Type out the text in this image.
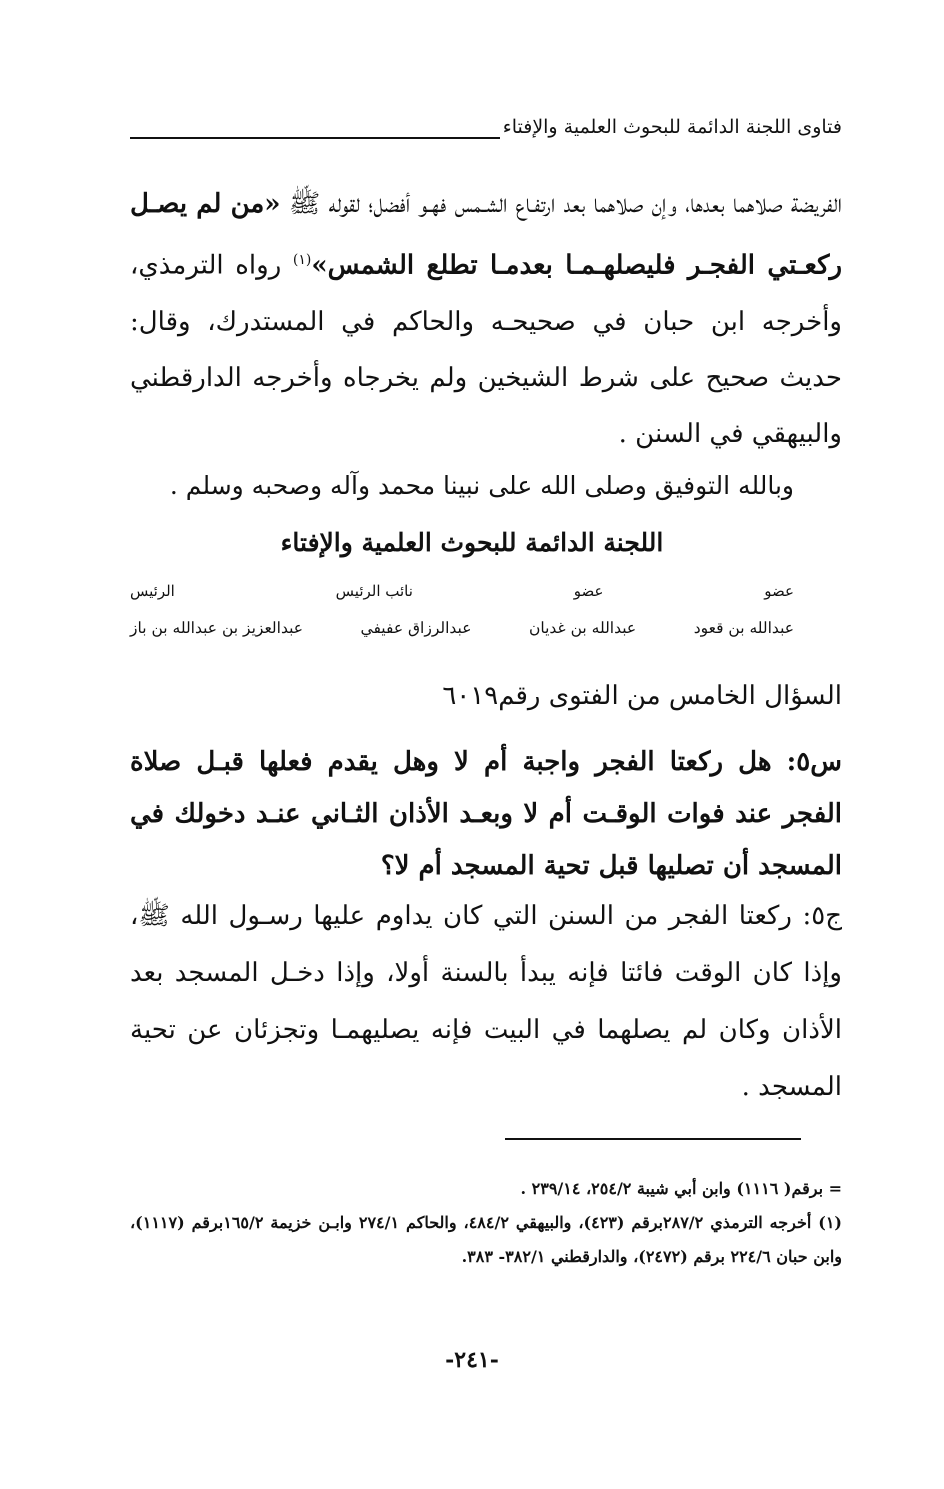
فتاوى اللجنة الدائمة للبحوث العلمية والإفتاء

الفريضة صلاهما بعدها، وإن صلاهما بعد ارتفـاع الشـمس فهـو أفضل؛ لقوله ﷺ «من لم يصـل ركعـتي الفجـر فليصلهـمـا بعدمـا تطلع الشمس»$^{(١)}$ رواه الترمذي، وأخرجه ابن حبان في صحيحـه والحاكم في المستدرك، وقال: حديث صحيح على شرط الشيخين ولم يخرجاه وأخرجه الدارقطني والبيهقي في السنن .

وبالله التوفيق وصلى الله على نبينا محمد وآله وصحبه وسلم .
اللجنة الدائمة للبحوث العلمية والإفتاء
عضو
عضو
نائب الرئيس
الرئيس
عبدالله بن قعود
عبدالله بن غديان
عبدالرزاق عفيفي
عبدالعزيز بن عبدالله بن باز
السؤال الخامس من الفتوى رقم٦٠١٩

س٥: هل ركعتا الفجر واجبة أم لا وهل يقدم فعلها قبـل صلاة الفجر عند فوات الوقـت أم لا وبعـد الأذان الثـاني عنـد دخولك في المسجد أن تصليها قبل تحية المسجد أم لا؟

ج٥: ركعتا الفجر من السنن التي كان يداوم عليها رسـول الله ﷺ، وإذا كان الوقت فائتا فإنه يبدأ بالسنة أولا، وإذا دخـل المسجد بعد الأذان وكان لم يصلهما في البيت فإنه يصليهمـا وتجزئان عن تحية المسجد .

= برقم( ١١١٦) وابن أبي شيبة ٢٥٤/٢، ٢٣٩/١٤ .

(١) أخرجه الترمذي ٢٨٧/٢برقم (٤٢٣)، والبيهقي ٤٨٤/٢، والحاكم ٢٧٤/١ وابـن خزيمة ١٦٥/٢برقم (١١١٧)، وابن حبان ٢٢٤/٦ برقم (٢٤٧٢)، والدارقطني ٣٨٢/١- ٣٨٣.

-٢٤١-
